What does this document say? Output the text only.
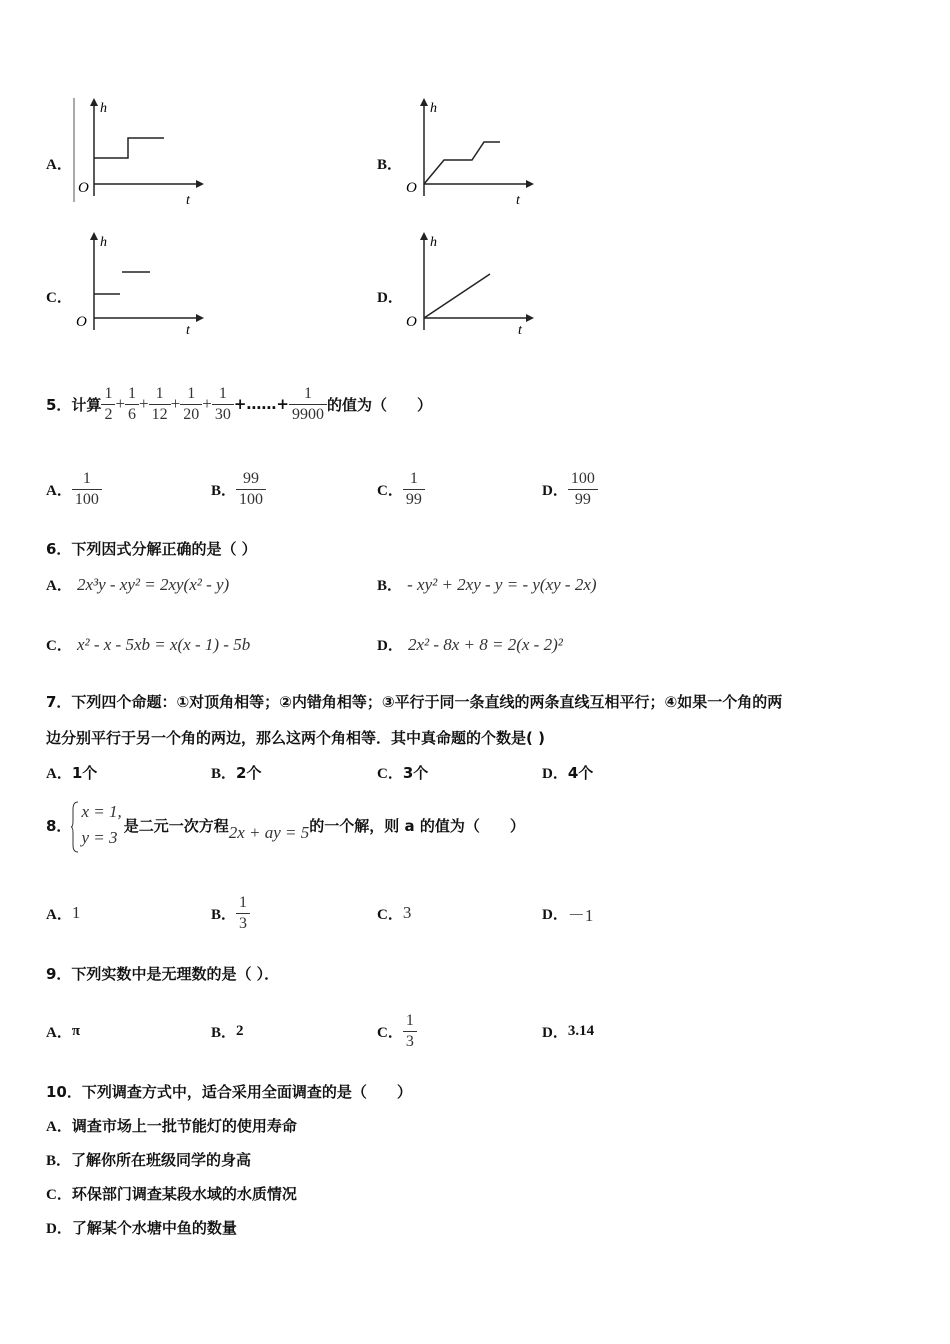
A．
h
O
t
B．
h
O
t
C．
h
O
t
D．
h
O
t
5．计算 $\frac{1}{2} + \frac{1}{6} + \frac{1}{12} + \frac{1}{20} + \frac{1}{30}$ +……+ $\frac{1}{9900}$ 的值为（　　）
A． $\frac{1}{100}$	B． $\frac{99}{100}$	C． $\frac{1}{99}$	D． $\frac{100}{99}$
6．下列因式分解正确的是（ ）
A． 2x³y - xy² = 2xy(x² - y)	B． - xy² + 2xy - y = - y(xy - 2x)
C． x² - x - 5xb = x(x - 1) - 5b	D． 2x² - 8x + 8 = 2(x - 2)²
7．下列四个命题：①对顶角相等；②内错角相等；③平行于同一条直线的两条直线互相平行；④如果一个角的两
边分别平行于另一个角的两边，那么这两个角相等．其中真命题的个数是( )
A．1个	B．2个	C．3个	D．4个
8．
x = 1,
y = 3
是二元一次方程 2x + ay = 5 的一个解，则 a 的值为（　　）
A． 1	B． $\frac{1}{3}$	C． 3	D． －1
9．下列实数中是无理数的是（ ）．
A． π	B． 2	C． $\frac{1}{3}$	D． 3.14
10．下列调查方式中，适合采用全面调查的是（　　）
A．调查市场上一批节能灯的使用寿命
B．了解你所在班级同学的身高
C．环保部门调查某段水域的水质情况
D．了解某个水塘中鱼的数量
